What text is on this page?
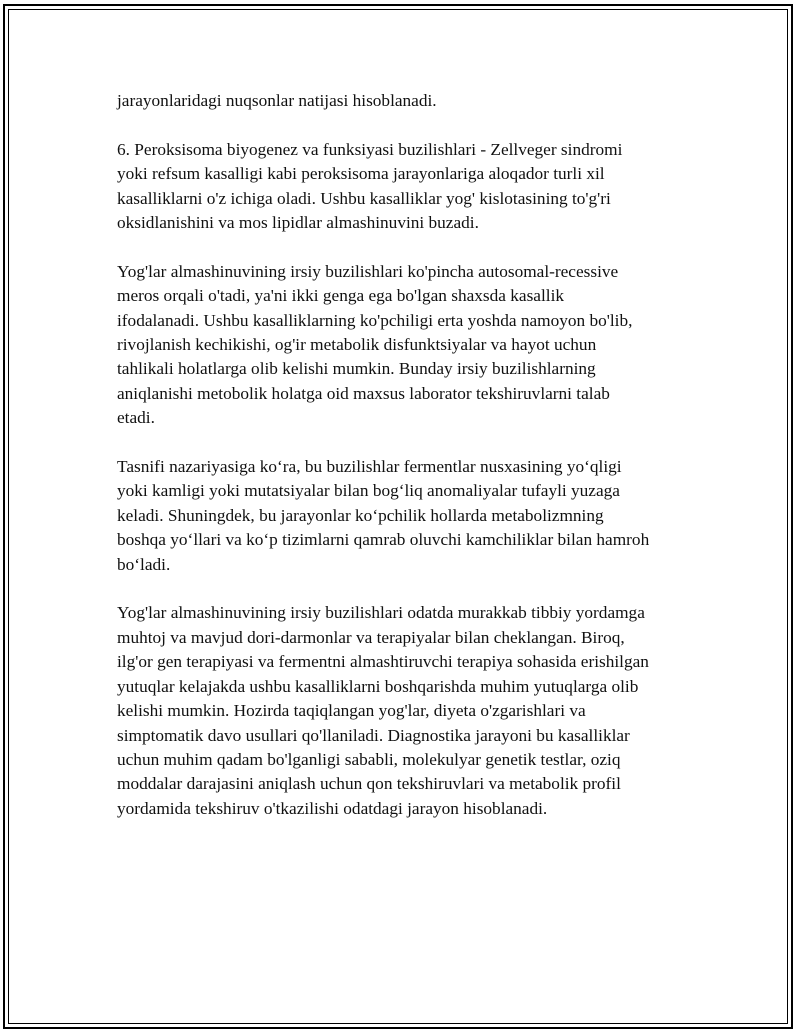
jarayonlaridagi nuqsonlar natijasi hisoblanadi.

6. Peroksisoma biyogenez va funksiyasi buzilishlari - Zellveger sindromi
yoki refsum kasalligi kabi peroksisoma jarayonlariga aloqador turli xil
kasalliklarni o'z ichiga oladi. Ushbu kasalliklar yog' kislotasining to'g'ri
oksidlanishini va mos lipidlar almashinuvini buzadi.

Yog'lar almashinuvining irsiy buzilishlari ko'pincha autosomal-recessive
meros orqali o'tadi, ya'ni ikki genga ega bo'lgan shaxsda kasallik
ifodalanadi. Ushbu kasalliklarning ko'pchiligi erta yoshda namoyon bo'lib,
rivojlanish kechikishi, og'ir metabolik disfunktsiyalar va hayot uchun
tahlikali holatlarga olib kelishi mumkin. Bunday irsiy buzilishlarning
aniqlanishi metobolik holatga oid maxsus laborator tekshiruvlarni talab
etadi.

Tasnifi nazariyasiga ko‘ra, bu buzilishlar fermentlar nusxasining yo‘qligi
yoki kamligi yoki mutatsiyalar bilan bog‘liq anomaliyalar tufayli yuzaga
keladi. Shuningdek, bu jarayonlar ko‘pchilik hollarda metabolizmning
boshqa yo‘llari va ko‘p tizimlarni qamrab oluvchi kamchiliklar bilan hamroh
bo‘ladi.

Yog'lar almashinuvining irsiy buzilishlari odatda murakkab tibbiy yordamga
muhtoj va mavjud dori-darmonlar va terapiyalar bilan cheklangan. Biroq,
ilg'or gen terapiyasi va fermentni almashtiruvchi terapiya sohasida erishilgan
yutuqlar kelajakda ushbu kasalliklarni boshqarishda muhim yutuqlarga olib
kelishi mumkin. Hozirda taqiqlangan yog'lar, diyeta o'zgarishlari va
simptomatik davo usullari qo'llaniladi. Diagnostika jarayoni bu kasalliklar
uchun muhim qadam bo'lganligi sababli, molekulyar genetik testlar, oziq
moddalar darajasini aniqlash uchun qon tekshiruvlari va metabolik profil
yordamida tekshiruv o'tkazilishi odatdagi jarayon hisoblanadi.
